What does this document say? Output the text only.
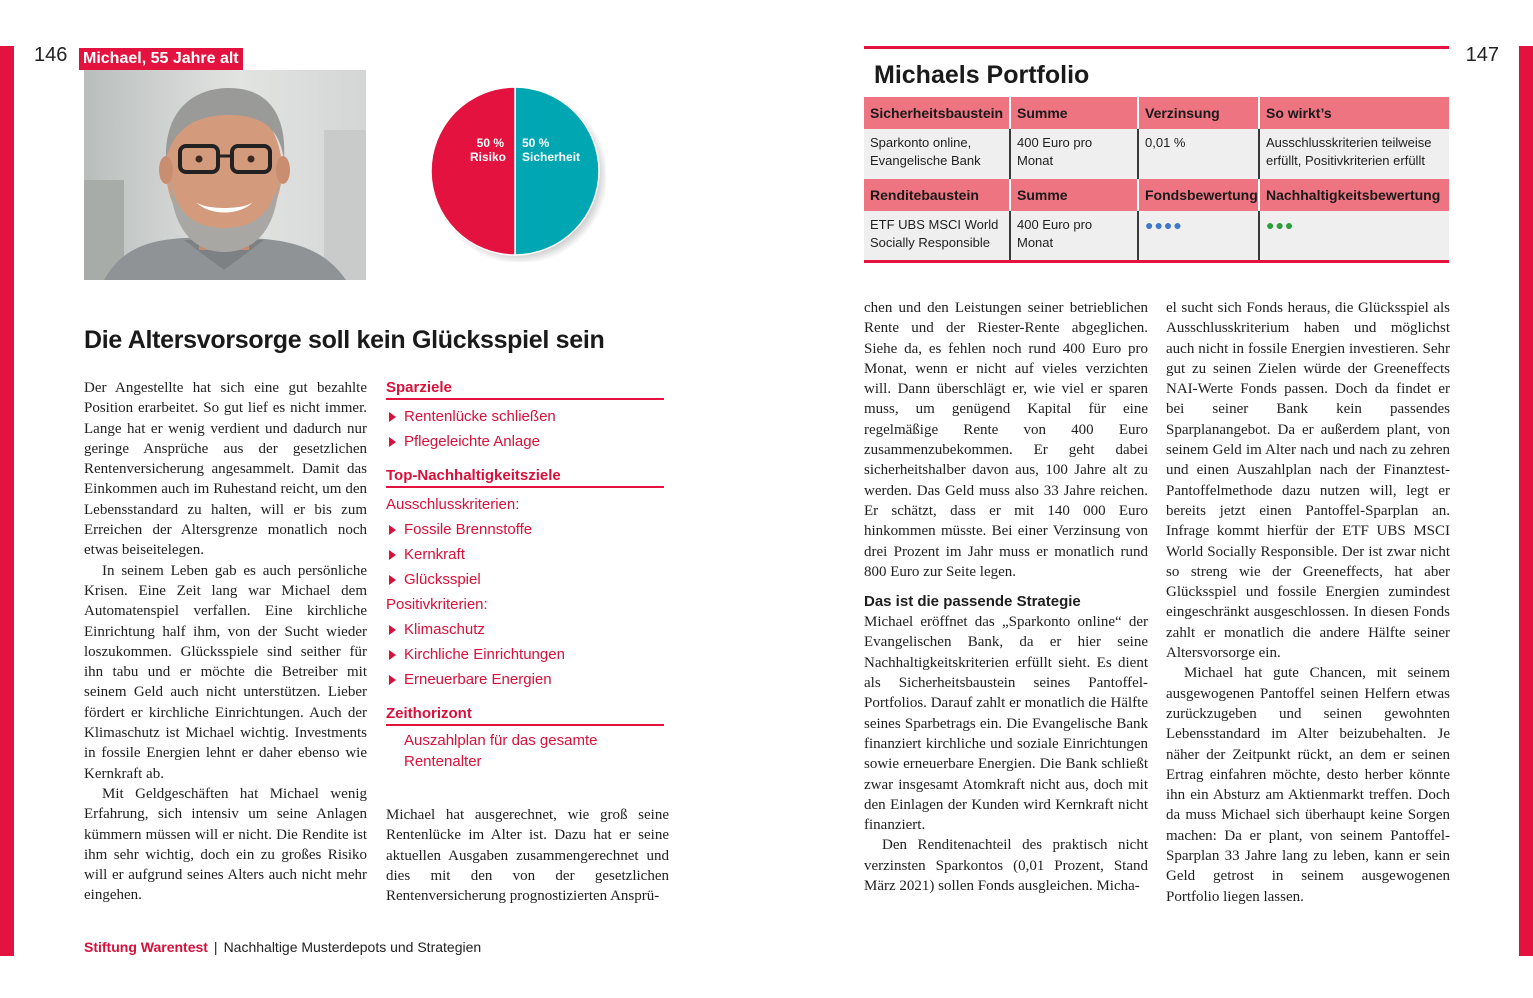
146	147
Michael, 55 Jahre alt
50 %
Risiko
50 %
Sicherheit
Die Altersvorsorge soll kein Glücksspiel sein

Der Angestellte hat sich eine gut bezahlte Position erarbeitet. So gut lief es nicht immer. Lange hat er wenig verdient und dadurch nur geringe Ansprüche aus der gesetzlichen Rentenversicherung angesammelt. Damit das Einkommen auch im Ruhestand reicht, um den Lebensstandard zu halten, will er bis zum Erreichen der Altersgrenze monatlich noch etwas beiseitelegen.

In seinem Leben gab es auch persönliche Krisen. Eine Zeit lang war Michael dem Automatenspiel verfallen. Eine kirchliche Einrichtung half ihm, von der Sucht wieder loszukommen. Glücksspiele sind seither für ihn tabu und er möchte die Betreiber mit seinem Geld auch nicht unterstützen. Lieber fördert er kirchliche Einrichtungen. Auch der Klimaschutz ist Michael wichtig. Investments in fossile Energien lehnt er daher ebenso wie Kernkraft ab.

Mit Geldgeschäften hat Michael wenig Erfahrung, sich intensiv um seine Anlagen kümmern müssen will er nicht. Die Rendite ist ihm sehr wichtig, doch ein zu großes Risiko will er aufgrund seines Alters auch nicht mehr eingehen.

Sparziele
Rentenlücke schließen
Pflegeleichte Anlage
Top-Nachhaltigkeitsziele
Ausschlusskriterien:
Fossile Brennstoffe
Kernkraft
Glücksspiel
Positivkriterien:
Klimaschutz
Kirchliche Einrichtungen
Erneuerbare Energien
Zeithorizont
Auszahlplan für das gesamte Rentenalter
Michael hat ausgerechnet, wie groß seine Rentenlücke im Alter ist. Dazu hat er seine aktuellen Ausgaben zusammengerechnet und dies mit den von der gesetzlichen Rentenversicherung prognostizierten Ansprü-
Michaels Portfolio
Sicherheitsbaustein	Summe	Verzinsung	So wirkt’s
Sparkonto online, Evangelische Bank	400 Euro pro Monat	0,01 %	Ausschlusskriterien teilweise erfüllt, Positivkriterien erfüllt
Renditebaustein	Summe	Fondsbewertung	Nachhaltigkeitsbewertung
ETF UBS MSCI World Socially Responsible	400 Euro pro Monat	●●●●	●●●

chen und den Leistungen seiner betrieblichen Rente und der Riester-Rente abgeglichen. Siehe da, es fehlen noch rund 400 Euro pro Monat, wenn er nicht auf vieles verzichten will. Dann überschlägt er, wie viel er sparen muss, um genügend Kapital für eine regelmäßige Rente von 400 Euro zusammenzubekommen. Er geht dabei sicherheitshalber davon aus, 100 Jahre alt zu werden. Das Geld muss also 33 Jahre reichen. Er schätzt, dass er mit 140 000 Euro hinkommen müsste. Bei einer Verzinsung von drei Prozent im Jahr muss er monatlich rund 800 Euro zur Seite legen.

Das ist die passende Strategie

Michael eröffnet das „Sparkonto online“ der Evangelischen Bank, da er hier seine Nachhaltigkeitskriterien erfüllt sieht. Es dient als Sicherheitsbaustein seines Pantoffel-Portfolios. Darauf zahlt er monatlich die Hälfte seines Sparbetrags ein. Die Evangelische Bank finanziert kirchliche und soziale Einrichtungen sowie erneuerbare Energien. Die Bank schließt zwar insgesamt Atomkraft nicht aus, doch mit den Einlagen der Kunden wird Kernkraft nicht finanziert.

Den Renditenachteil des praktisch nicht verzinsten Sparkontos (0,01 Prozent, Stand März 2021) sollen Fonds ausgleichen. Micha-

el sucht sich Fonds heraus, die Glücksspiel als Ausschlusskriterium haben und möglichst auch nicht in fossile Energien investieren. Sehr gut zu seinen Zielen würde der Greeneffects NAI-Werte Fonds passen. Doch da findet er bei seiner Bank kein passendes Sparplanangebot. Da er außerdem plant, von seinem Geld im Alter nach und nach zu zehren und einen Auszahlplan nach der Finanztest-Pantoffelmethode dazu nutzen will, legt er bereits jetzt einen Pantoffel-Sparplan an. Infrage kommt hierfür der ETF UBS MSCI World Socially Responsible. Der ist zwar nicht so streng wie der Greeneffects, hat aber Glücksspiel und fossile Energien zumindest eingeschränkt ausgeschlossen. In diesen Fonds zahlt er monatlich die andere Hälfte seiner Altersvorsorge ein.

Michael hat gute Chancen, mit seinem ausgewogenen Pantoffel seinen Helfern etwas zurückzugeben und seinen gewohnten Lebensstandard im Alter beizubehalten. Je näher der Zeitpunkt rückt, an dem er seinen Ertrag einfahren möchte, desto herber könnte ihn ein Absturz am Aktienmarkt treffen. Doch da muss Michael sich überhaupt keine Sorgen machen: Da er plant, von seinem Pantoffel-Sparplan 33 Jahre lang zu leben, kann er sein Geld getrost in seinem ausgewogenen Portfolio liegen lassen.

Stiftung Warentest | Nachhaltige Musterdepots und Strategien
